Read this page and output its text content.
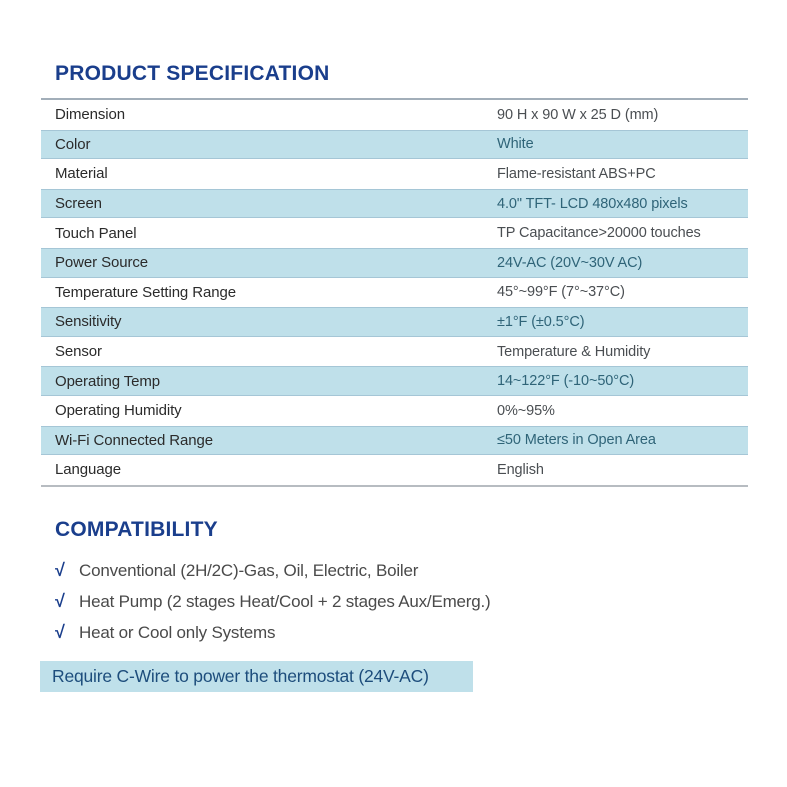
PRODUCT SPECIFICATION
Dimension	90 H x 90 W x 25 D (mm)
Color	White
Material	Flame-resistant ABS+PC
Screen	4.0" TFT- LCD 480x480 pixels
Touch Panel	TP Capacitance>20000 touches
Power Source	24V-AC (20V~30V AC)
Temperature Setting Range	45°~99°F (7°~37°C)
Sensitivity	±1°F (±0.5°C)
Sensor	Temperature & Humidity
Operating Temp	14~122°F (-10~50°C)
Operating Humidity	0%~95%
Wi-Fi Connected Range	≤50 Meters in Open Area
Language	English
COMPATIBILITY
√ Conventional (2H/2C)-Gas, Oil, Electric, Boiler
√ Heat Pump (2 stages Heat/Cool + 2 stages Aux/Emerg.)
√ Heat or Cool only Systems
Require C-Wire to power the thermostat (24V-AC)
